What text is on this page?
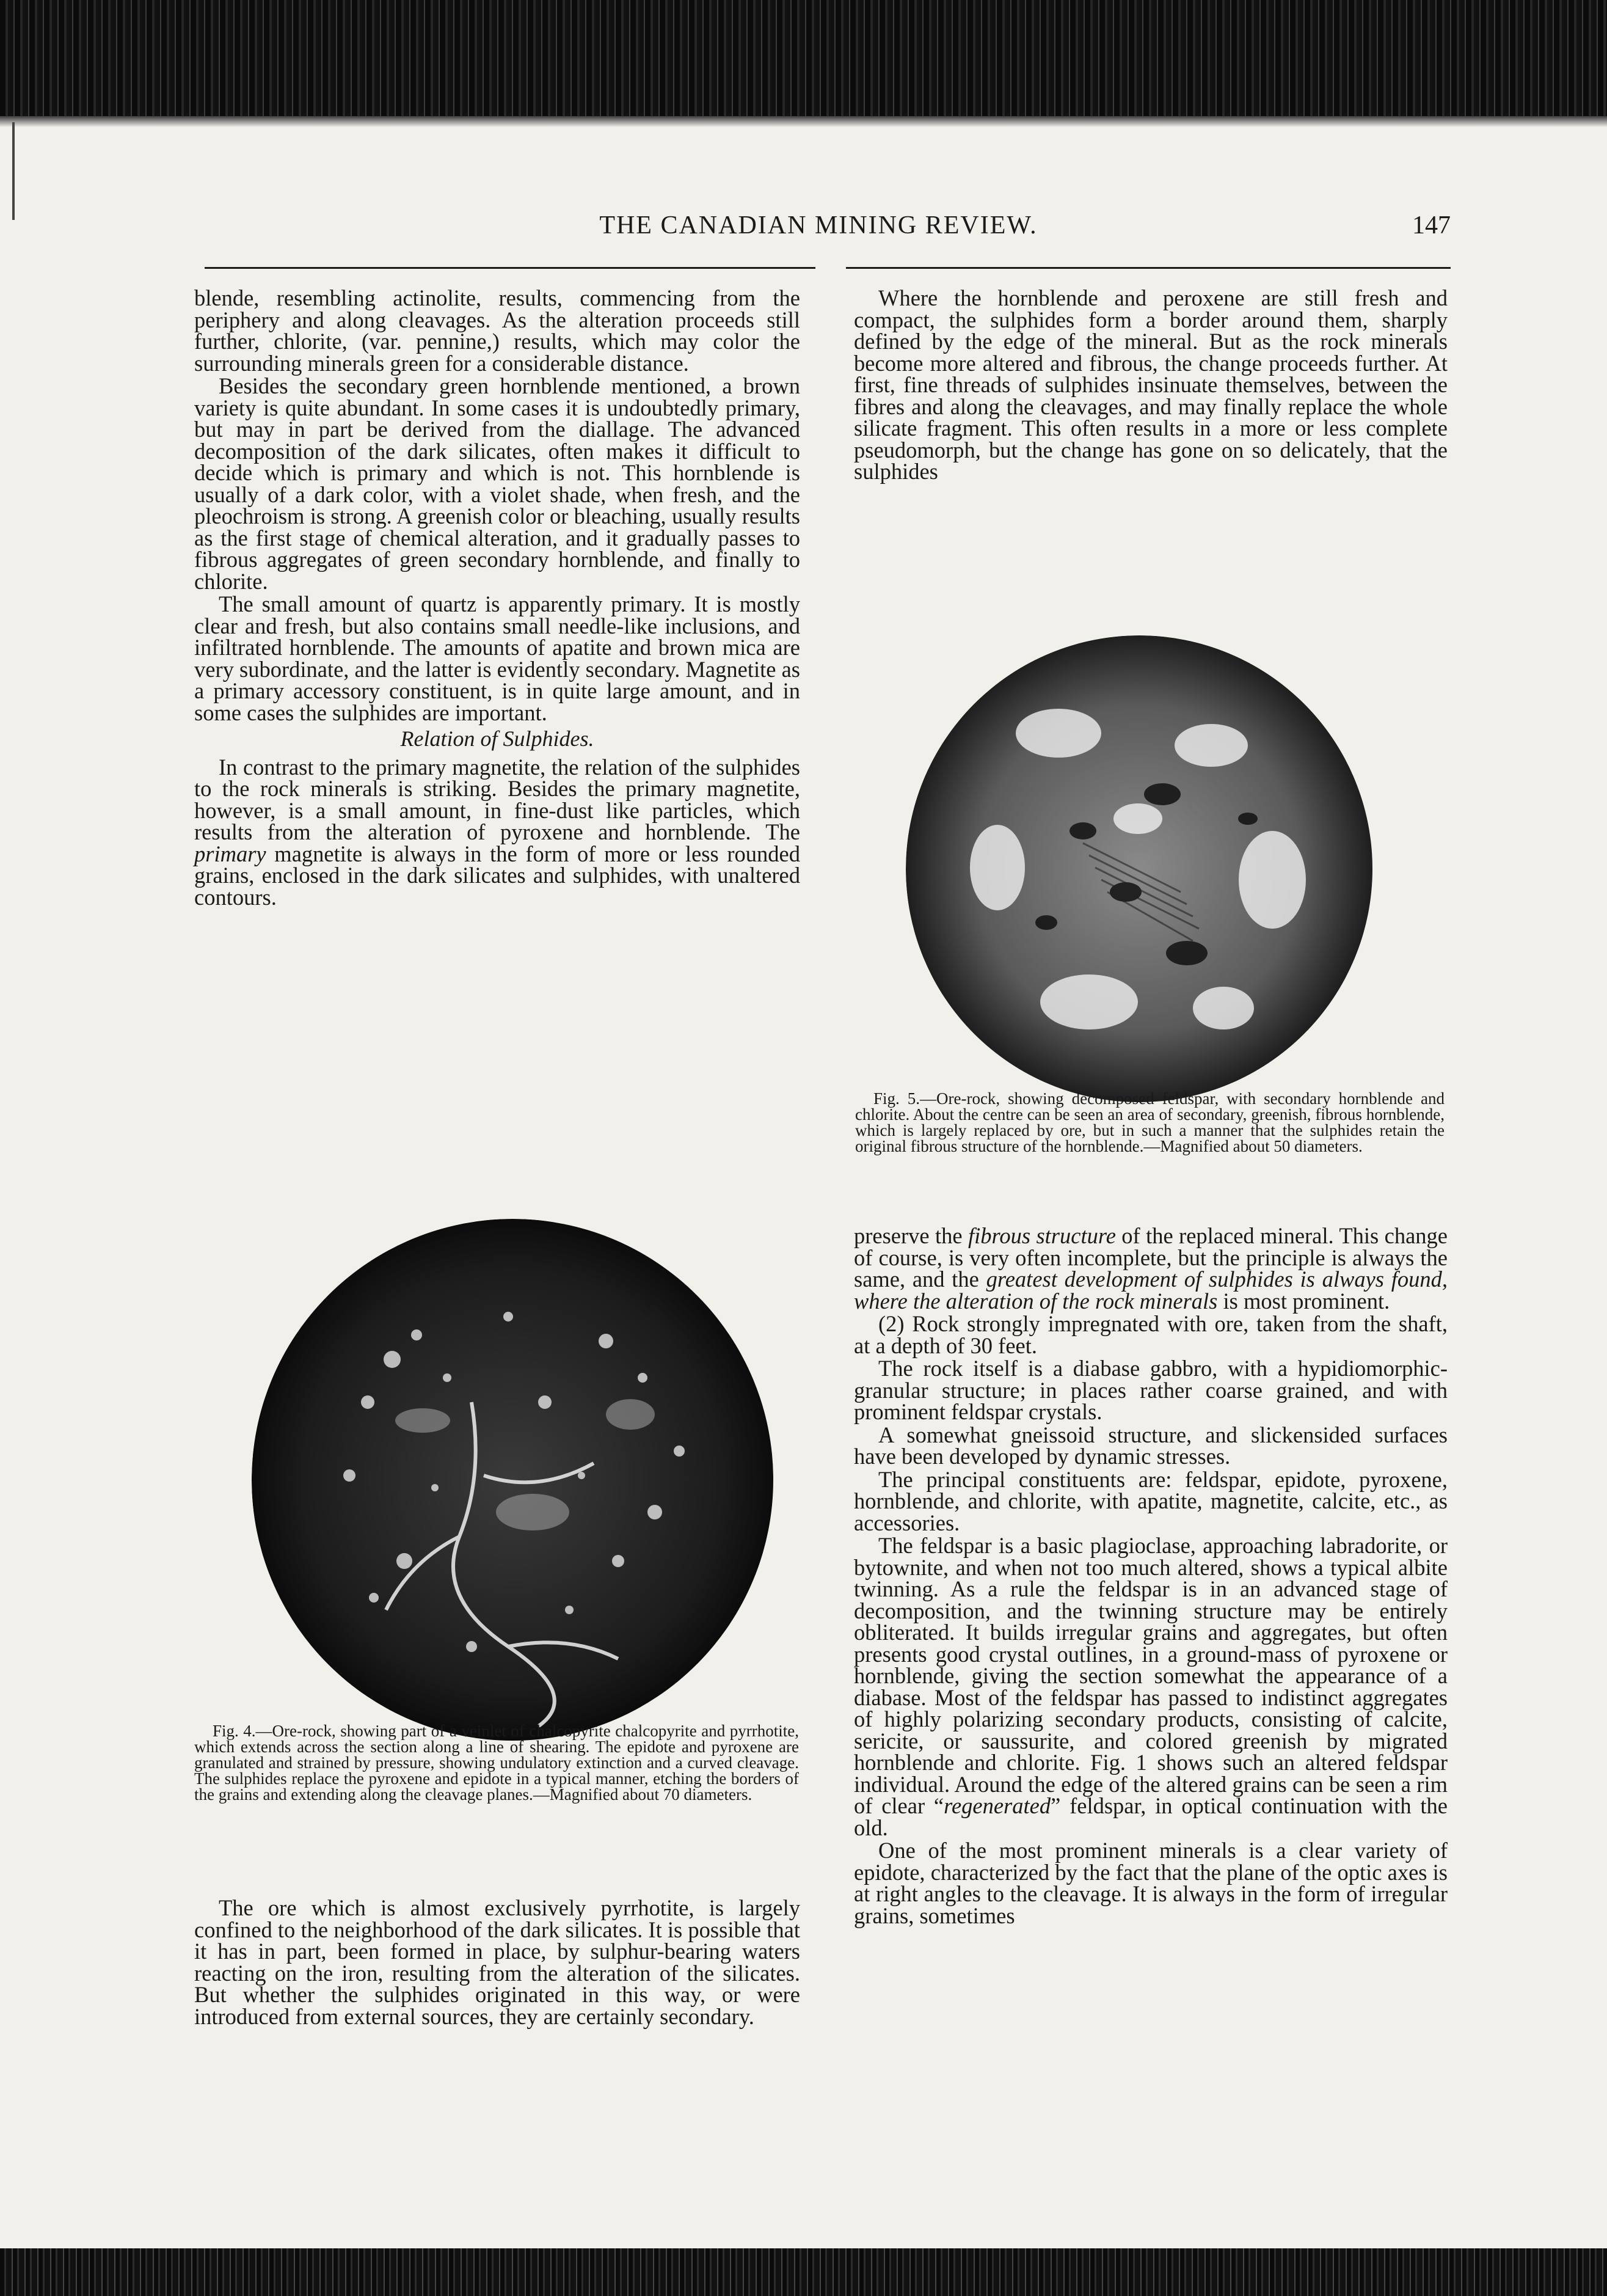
THE CANADIAN MINING REVIEW.	147

blende, resembling actinolite, results, commencing from the periphery and along cleavages. As the alteration proceeds still further, chlorite, (var. pennine,) results, which may color the surrounding minerals green for a considerable distance.

Besides the secondary green hornblende mentioned, a brown variety is quite abundant. In some cases it is undoubtedly primary, but may in part be derived from the diallage. The advanced decomposition of the dark silicates, often makes it difficult to decide which is primary and which is not. This hornblende is usually of a dark color, with a violet shade, when fresh, and the pleochroism is strong. A greenish color or bleaching, usually results as the first stage of chemical alteration, and it gradually passes to fibrous aggregates of green secondary hornblende, and finally to chlorite.

The small amount of quartz is apparently primary. It is mostly clear and fresh, but also contains small needle-like inclusions, and infiltrated hornblende. The amounts of apatite and brown mica are very subordinate, and the latter is evidently secondary. Magnetite as a primary accessory constituent, is in quite large amount, and in some cases the sulphides are important.

Relation of Sulphides.

In contrast to the primary magnetite, the relation of the sulphides to the rock minerals is striking. Besides the primary magnetite, however, is a small amount, in fine-dust like particles, which results from the alteration of pyroxene and hornblende. The primary magnetite is always in the form of more or less rounded grains, enclosed in the dark silicates and sulphides, with unaltered contours.

Fig. 4.—Ore-rock, showing part of a veinlet of chalcopyrite chalcopyrite and pyrrhotite, which extends across the section along a line of shearing. The epidote and pyroxene are granulated and strained by pressure, showing undulatory extinction and a curved cleavage. The sulphides replace the pyroxene and epidote in a typical manner, etching the borders of the grains and extending along the cleavage planes.—Magnified about 70 diameters.

The ore which is almost exclusively pyrrhotite, is largely confined to the neighborhood of the dark silicates. It is possible that it has in part, been formed in place, by sulphur-bearing waters reacting on the iron, resulting from the alteration of the silicates. But whether the sulphides originated in this way, or were introduced from external sources, they are certainly secondary.

Where the hornblende and peroxene are still fresh and compact, the sulphides form a border around them, sharply defined by the edge of the mineral. But as the rock minerals become more altered and fibrous, the change proceeds further. At first, fine threads of sulphides insinuate themselves, between the fibres and along the cleavages, and may finally replace the whole silicate fragment. This often results in a more or less complete pseudomorph, but the change has gone on so delicately, that the sulphides

Fig. 5.—Ore-rock, showing decomposed feldspar, with secondary hornblende and chlorite. About the centre can be seen an area of secondary, greenish, fibrous hornblende, which is largely replaced by ore, but in such a manner that the sulphides retain the original fibrous structure of the hornblende.—Magnified about 50 diameters.

preserve the fibrous structure of the replaced mineral. This change of course, is very often incomplete, but the principle is always the same, and the greatest development of sulphides is always found, where the alteration of the rock minerals is most prominent.

(2) Rock strongly impregnated with ore, taken from the shaft, at a depth of 30 feet.

The rock itself is a diabase gabbro, with a hypidiomorphic-granular structure; in places rather coarse grained, and with prominent feldspar crystals.

A somewhat gneissoid structure, and slickensided surfaces have been developed by dynamic stresses.

The principal constituents are: feldspar, epidote, pyroxene, hornblende, and chlorite, with apatite, magnetite, calcite, etc., as accessories.

The feldspar is a basic plagioclase, approaching labradorite, or bytownite, and when not too much altered, shows a typical albite twinning. As a rule the feldspar is in an advanced stage of decomposition, and the twinning structure may be entirely obliterated. It builds irregular grains and aggregates, but often presents good crystal outlines, in a ground-mass of pyroxene or hornblende, giving the section somewhat the appearance of a diabase. Most of the feldspar has passed to indistinct aggregates of highly polarizing secondary products, consisting of calcite, sericite, or saussurite, and colored greenish by migrated hornblende and chlorite. Fig. 1 shows such an altered feldspar individual. Around the edge of the altered grains can be seen a rim of clear “regenerated” feldspar, in optical continuation with the old.

One of the most prominent minerals is a clear variety of epidote, characterized by the fact that the plane of the optic axes is at right angles to the cleavage. It is always in the form of irregular grains, sometimes
